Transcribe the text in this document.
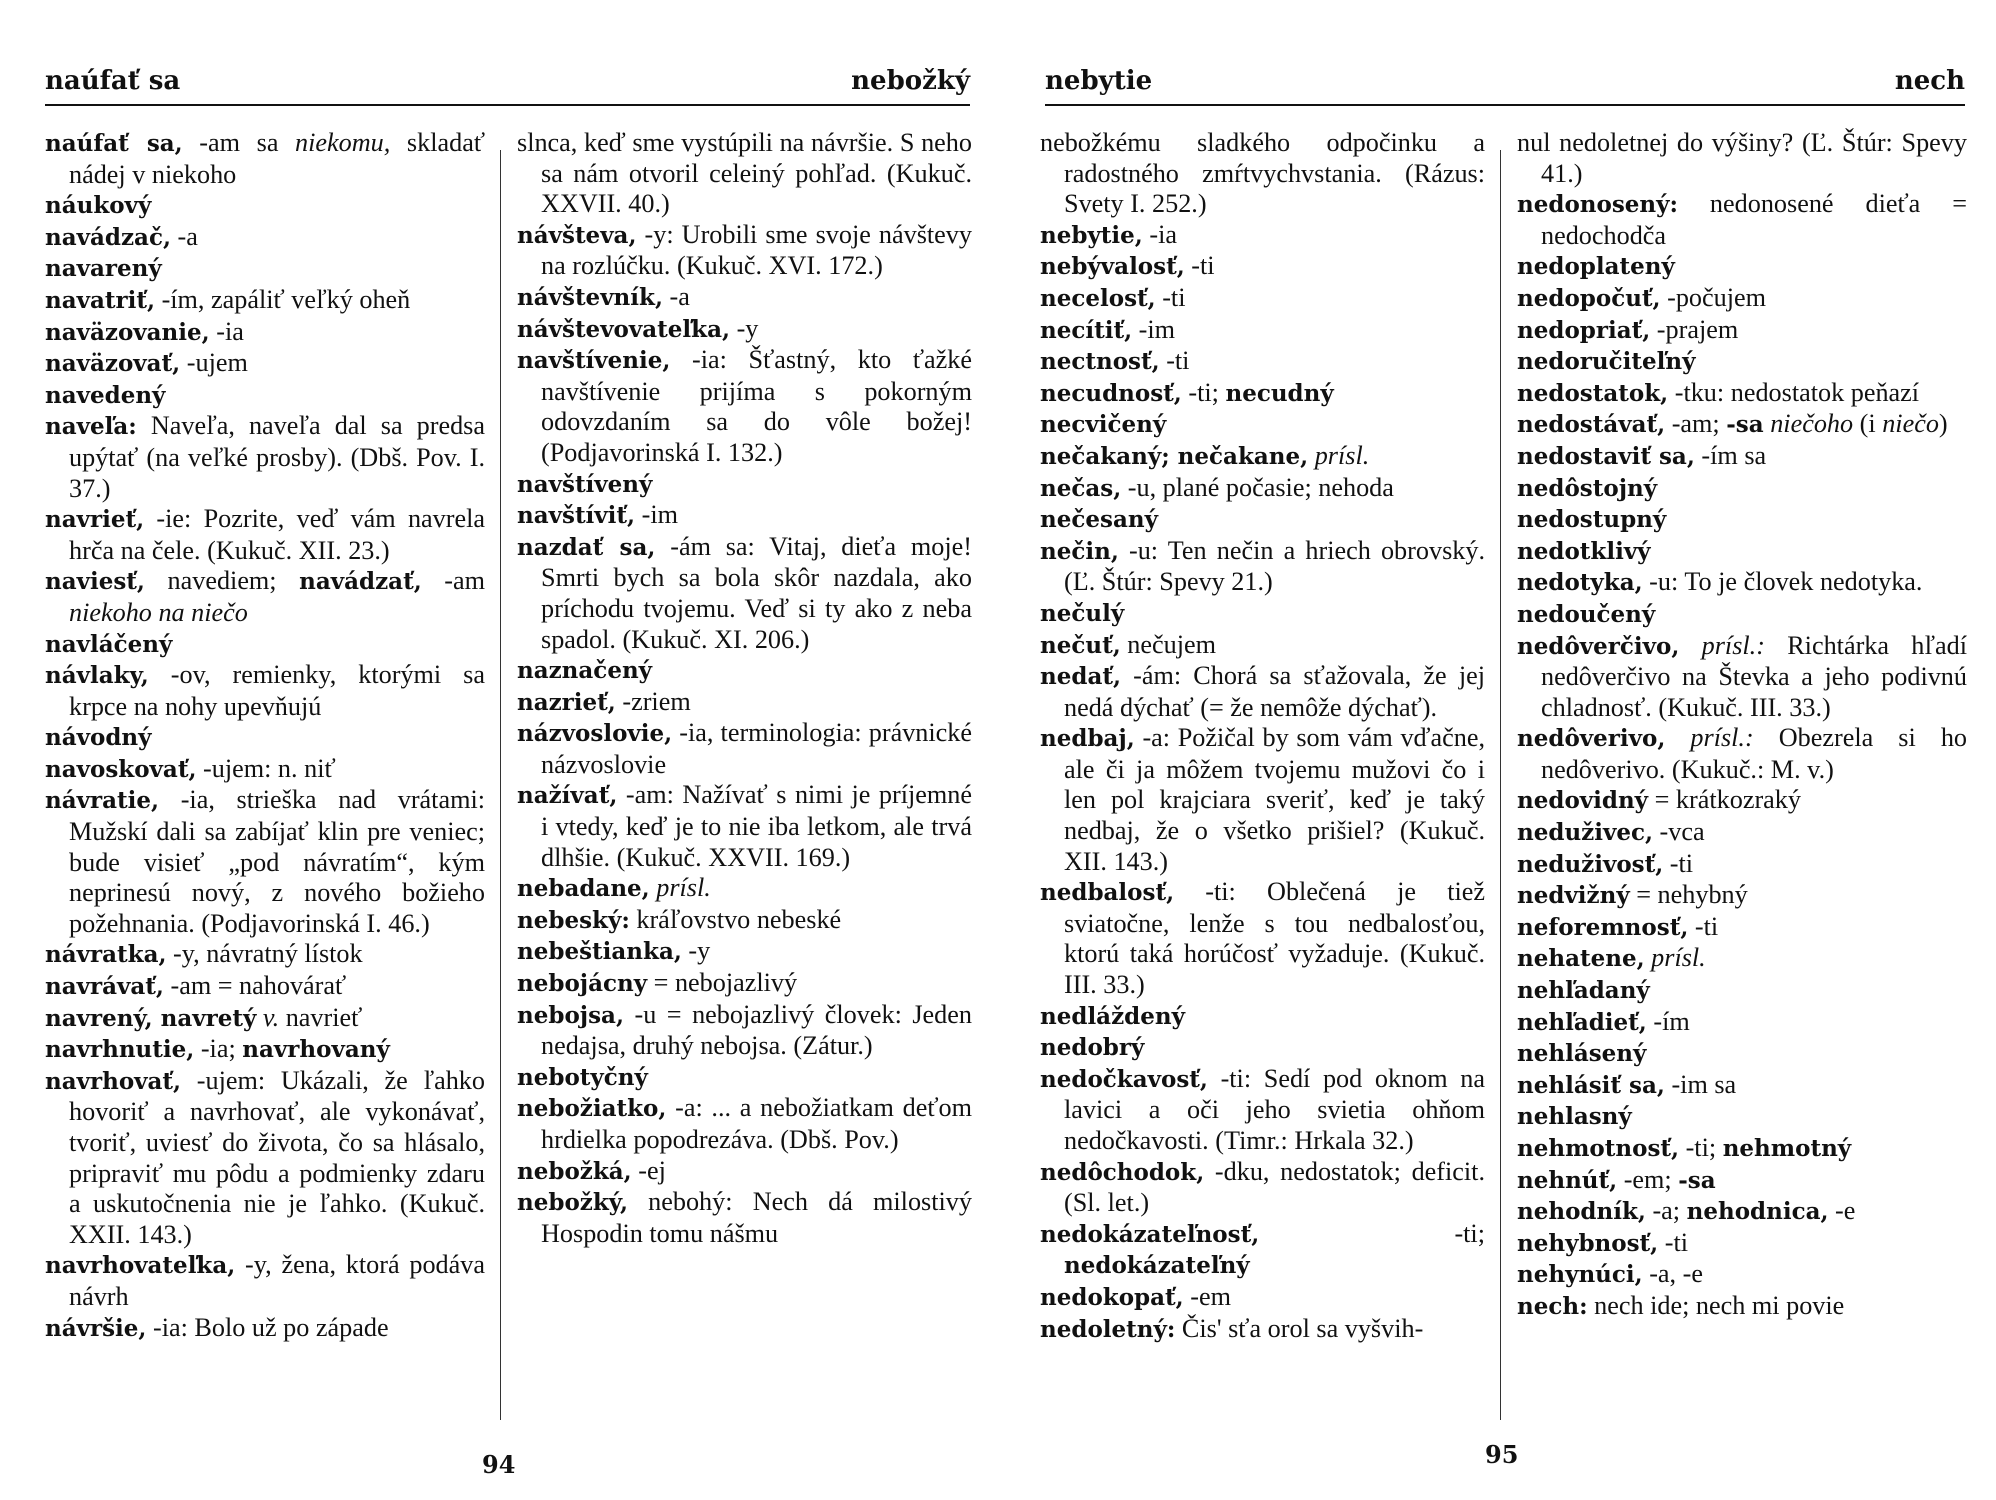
naúfať sa	nebožký
naúfať sa, -am sa niekomu, skladať nádej v niekoho
náukový
navádzač, -a
navarený
navatriť, -ím, zapáliť veľký oheň
naväzovanie, -ia
naväzovať, -ujem
navedený
naveľa: Naveľa, naveľa dal sa predsa upýtať (na veľké prosby). (Dbš. Pov. I. 37.)
navrieť, -ie: Pozrite, veď vám navrela hrča na čele. (Kukuč. XII. 23.)
naviesť, navediem; navádzať, -am niekoho na niečo
navláčený
návlaky, -ov, remienky, ktorými sa krpce na nohy upevňujú
návodný
navoskovať, -ujem: n. niť
návratie, -ia, strieška nad vrátami: Mužskí dali sa zabíjať klin pre veniec; bude visieť „pod návratím“, kým neprinesú nový, z nového božieho požehnania. (Podjavorinská I. 46.)
návratka, -y, návratný lístok
navrávať, -am = nahovárať
navrený, navretý v. navrieť
navrhnutie, -ia; navrhovaný
navrhovať, -ujem: Ukázali, že ľahko hovoriť a navrhovať, ale vykonávať, tvoriť, uviesť do života, čo sa hlásalo, pripraviť mu pôdu a podmienky zdaru a uskutočnenia nie je ľahko. (Kukuč. XXII. 143.)
navrhovateľka, -y, žena, ktorá podáva návrh
návršie, -ia: Bolo už po západe
slnca, keď sme vystúpili na návršie. S neho sa nám otvoril celeiný pohľad. (Kukuč. XXVII. 40.)
návšteva, -y: Urobili sme svoje návštevy na rozlúčku. (Kukuč. XVI. 172.)
návštevník, -a
návštevovateľka, -y
navštívenie, -ia: Šťastný, kto ťažké navštívenie prijíma s pokorným odovzdaním sa do vôle božej! (Podjavorinská I. 132.)
navštívený
navštíviť, -im
nazdať sa, -ám sa: Vitaj, dieťa moje! Smrti bych sa bola skôr nazdala, ako príchodu tvojemu. Veď si ty ako z neba spadol. (Kukuč. XI. 206.)
naznačený
nazrieť, -zriem
názvoslovie, -ia, terminologia: právnické názvoslovie
nažívať, -am: Nažívať s nimi je príjemné i vtedy, keď je to nie iba letkom, ale trvá dlhšie. (Kukuč. XXVII. 169.)
nebadane, prísl.
nebeský: kráľovstvo nebeské
nebeštianka, -y
nebojácny = nebojazlivý
nebojsa, -u = nebojazlivý človek: Jeden nedajsa, druhý nebojsa. (Zátur.)
nebotyčný
nebožiatko, -a: ... a nebožiatkam deťom hrdielka popodrezáva. (Dbš. Pov.)
nebožká, -ej
nebožký, nebohý: Nech dá milostivý Hospodin tomu nášmu
94
nebytie	nech
nebožkému sladkého odpočinku a radostného zmŕtvychvstania. (Rázus: Svety I. 252.)
nebytie, -ia
nebývalosť, -ti
necelosť, -ti
necítiť, -im
nectnosť, -ti
necudnosť, -ti; necudný
necvičený
nečakaný; nečakane, prísl.
nečas, -u, plané počasie; nehoda
nečesaný
nečin, -u: Ten nečin a hriech obrovský. (Ľ. Štúr: Spevy 21.)
nečulý
nečuť, nečujem
nedať, -ám: Chorá sa sťažovala, že jej nedá dýchať (= že nemôže dýchať).
nedbaj, -a: Požičal by som vám vďačne, ale či ja môžem tvojemu mužovi čo i len pol krajciara sveriť, keď je taký nedbaj, že o všetko prišiel? (Kukuč. XII. 143.)
nedbalosť, -ti: Oblečená je tiež sviatočne, lenže s tou nedbalosťou, ktorú taká horúčosť vyžaduje. (Kukuč. III. 33.)
nedláždený
nedobrý
nedočkavosť, -ti: Sedí pod oknom na lavici a oči jeho svietia ohňom nedočkavosti. (Timr.: Hrkala 32.)
nedôchodok, -dku, nedostatok; deficit. (Sl. let.)
nedokázateľnosť, -ti; nedokázateľný
nedokopať, -em
nedoletný: Čis' sťa orol sa vyšvih-
nul nedoletnej do výšiny? (Ľ. Štúr: Spevy 41.)
nedonosený: nedonosené dieťa = nedochodča
nedoplatený
nedopočuť, -počujem
nedopriať, -prajem
nedoručiteľný
nedostatok, -tku: nedostatok peňazí
nedostávať, -am; -sa niečoho (i niečo)
nedostaviť sa, -ím sa
nedôstojný
nedostupný
nedotklivý
nedotyka, -u: To je človek nedotyka.
nedoučený
nedôverčivo, prísl.: Richtárka hľadí nedôverčivo na Števka a jeho podivnú chladnosť. (Kukuč. III. 33.)
nedôverivo, prísl.: Obezrela si ho nedôverivo. (Kukuč.: M. v.)
nedovidný = krátkozraký
neduživec, -vca
neduživosť, -ti
nedvižný = nehybný
neforemnosť, -ti
nehatene, prísl.
nehľadaný
nehľadieť, -ím
nehlásený
nehlásiť sa, -im sa
nehlasný
nehmotnosť, -ti; nehmotný
nehnúť, -em; -sa
nehodník, -a; nehodnica, -e
nehybnosť, -ti
nehynúci, -a, -e
nech: nech ide; nech mi povie
95
